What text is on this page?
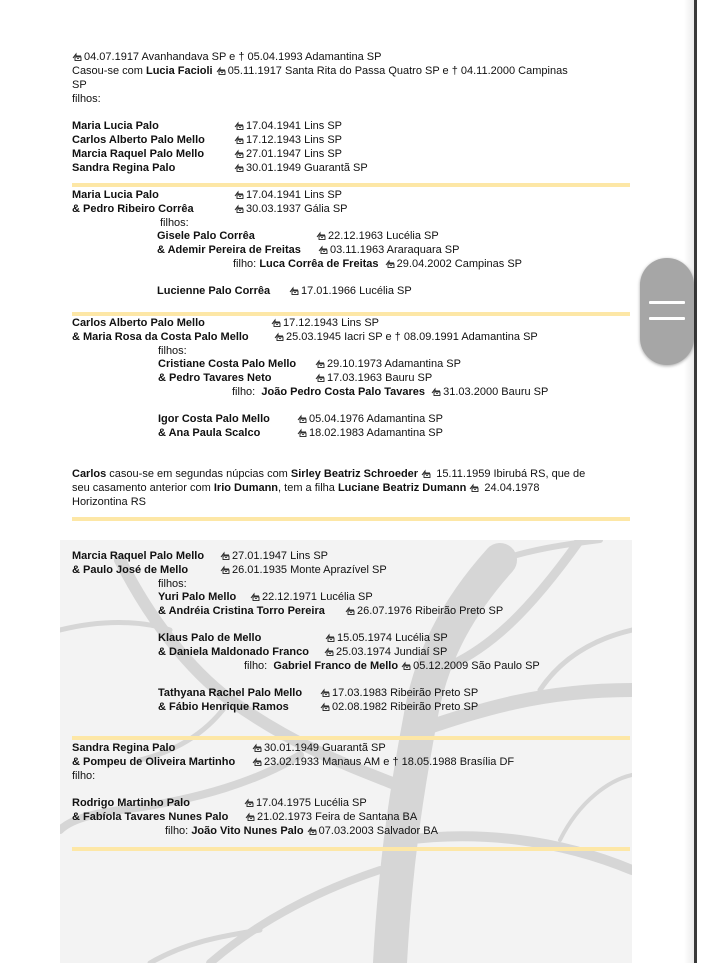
04.07.1917 Avanhandava SP e † 05.04.1993 Adamantina SP
Casou-se com Lucia Facioli 05.11.1917 Santa Rita do Passa Quatro SP e † 04.11.2000 Campinas
SP
filhos:
Maria Lucia Palo	17.04.1941 Lins SP
Carlos Alberto Palo Mello	17.12.1943 Lins SP
Marcia Raquel Palo Mello	27.01.1947 Lins SP
Sandra Regina Palo	30.01.1949 Guarantã SP
Maria Lucia Palo	17.04.1941 Lins SP
& Pedro Ribeiro Corrêa	30.03.1937 Gália SP
filhos:
Gisele Palo Corrêa	22.12.1963 Lucélia SP
& Ademir Pereira de Freitas	03.11.1963 Araraquara SP
filho: Luca Corrêa de Freitas 29.04.2002 Campinas SP
Lucienne Palo Corrêa	17.01.1966 Lucélia SP
Carlos Alberto Palo Mello	17.12.1943 Lins SP
& Maria Rosa da Costa Palo Mello	25.03.1945 Iacri SP e † 08.09.1991 Adamantina SP
filhos:
Cristiane Costa Palo Mello	29.10.1973 Adamantina SP
& Pedro Tavares Neto	17.03.1963 Bauru SP
filho: João Pedro Costa Palo Tavares 31.03.2000 Bauru SP
Igor Costa Palo Mello	05.04.1976 Adamantina SP
& Ana Paula Scalco	18.02.1983 Adamantina SP
Carlos casou-se em segundas núpcias com Sirley Beatriz Schroeder  15.11.1959 Ibirubá RS, que de
seu casamento anterior com Irio Dumann, tem a filha Luciane Beatriz Dumann  24.04.1978
Horizontina RS
Marcia Raquel Palo Mello	27.01.1947 Lins SP
& Paulo José de Mello	26.01.1935 Monte Aprazível SP
filhos:
Yuri Palo Mello	22.12.1971 Lucélia SP
& Andréia Cristina Torro Pereira	26.07.1976 Ribeirão Preto SP
Klaus Palo de Mello	15.05.1974 Lucélia SP
& Daniela Maldonado Franco	25.03.1974 Jundiaí SP
filho: Gabriel Franco de Mello 05.12.2009 São Paulo SP
Tathyana Rachel Palo Mello	17.03.1983 Ribeirão Preto SP
& Fábio Henrique Ramos	02.08.1982 Ribeirão Preto SP
Sandra Regina Palo	30.01.1949 Guarantã SP
& Pompeu de Oliveira Martinho	23.02.1933 Manaus AM e † 18.05.1988 Brasília DF
filho:
Rodrigo Martinho Palo	17.04.1975 Lucélia SP
& Fabíola Tavares Nunes Palo	21.02.1973 Feira de Santana BA
filho: João Vito Nunes Palo 07.03.2003 Salvador BA
